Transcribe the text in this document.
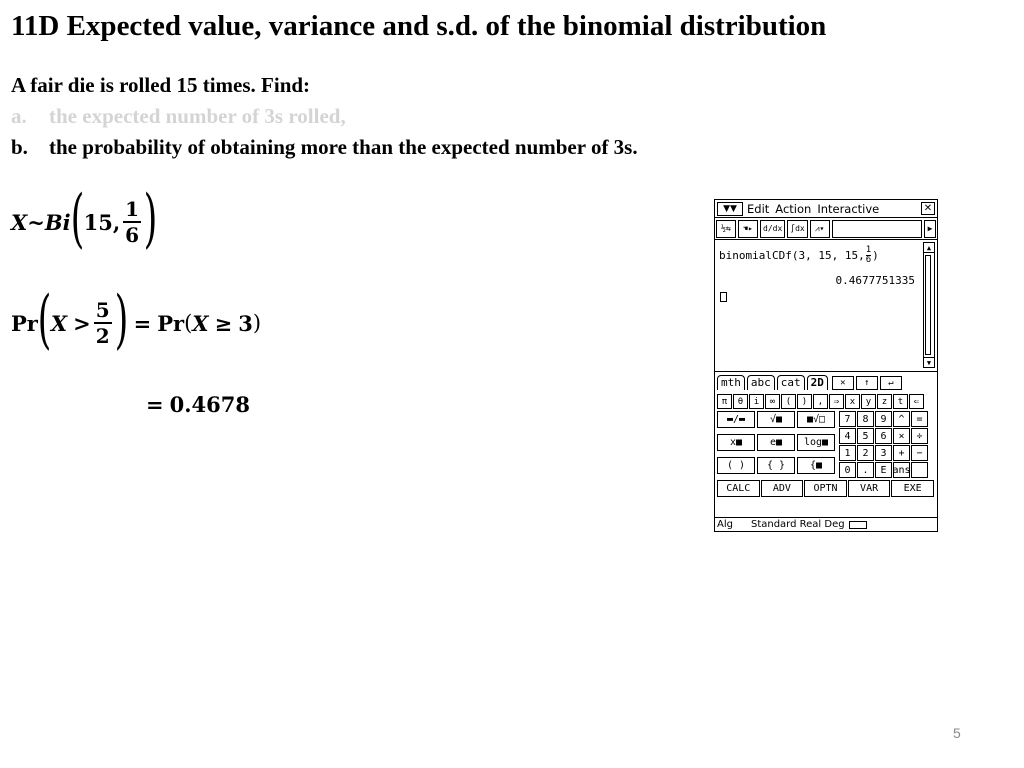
11D Expected value, variance and s.d. of the binomial distribution
A fair die is rolled 15 times. Find:
a.	the expected number of 3s rolled,
b.	the probability of obtaining more than the expected number of 3s.
X ~ Bi ( 15 , $\frac{1}{6}$ )
Pr ( $X > \frac{5}{2}$ ) = Pr ( X ≥ 3 )
= 0.4678
▼▼ Edit Action Interactive	✕
½⇆	☚▸	d/dx	∫dx	⩘▾	▶
binomialCDf(3, 15, 15, 1
6 )
0.4677751335
▲
▼
mth abc cat 2D	✕	↑	↵
π	θ	i	∞	(	)	,	⇒	x	y	z	t	⇐
▬/▬	√■	■√□
x■	e■	log■
( )	{ }	{■
7	8	9	^	=
4	5	6	×	÷
1	2	3	+	−
0	.	E ans
CALC	ADV	OPTN	VAR	EXE
Alg Standard Real Deg
5
